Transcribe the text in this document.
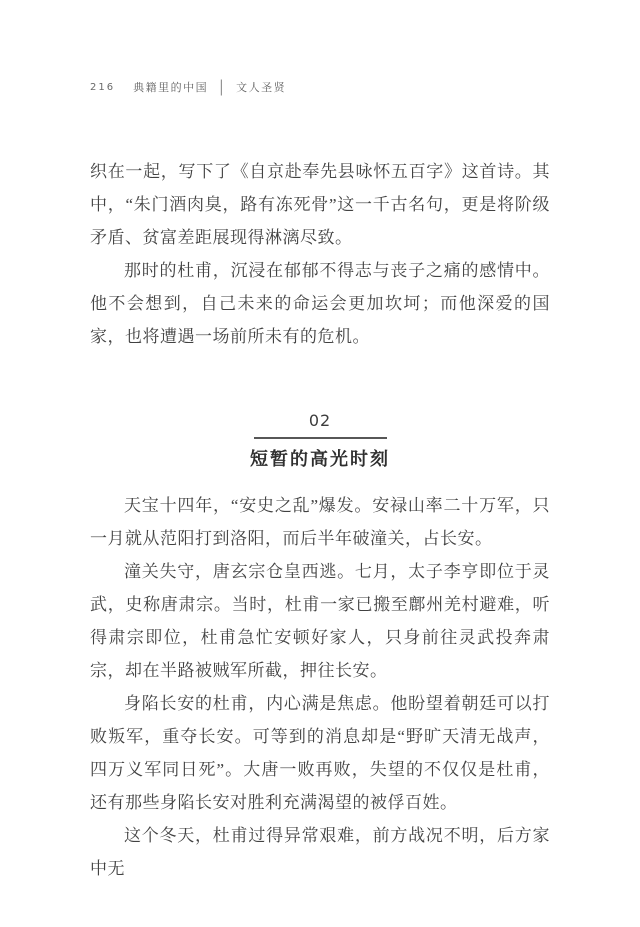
216 典籍里的中国 │ 文人圣贤

织在一起，写下了《自京赴奉先县咏怀五百字》这首诗。其中，“朱门酒肉臭，路有冻死骨”这一千古名句，更是将阶级矛盾、贫富差距展现得淋漓尽致。

那时的杜甫，沉浸在郁郁不得志与丧子之痛的感情中。他不会想到，自己未来的命运会更加坎坷；而他深爱的国家，也将遭遇一场前所未有的危机。

02
短暂的高光时刻

天宝十四年，“安史之乱”爆发。安禄山率二十万军，只一月就从范阳打到洛阳，而后半年破潼关，占长安。

潼关失守，唐玄宗仓皇西逃。七月，太子李亨即位于灵武，史称唐肃宗。当时，杜甫一家已搬至鄜州羌村避难，听得肃宗即位，杜甫急忙安顿好家人，只身前往灵武投奔肃宗，却在半路被贼军所截，押往长安。

身陷长安的杜甫，内心满是焦虑。他盼望着朝廷可以打败叛军，重夺长安。可等到的消息却是“野旷天清无战声，四万义军同日死”。大唐一败再败，失望的不仅仅是杜甫，还有那些身陷长安对胜利充满渴望的被俘百姓。

这个冬天，杜甫过得异常艰难，前方战况不明，后方家中无
